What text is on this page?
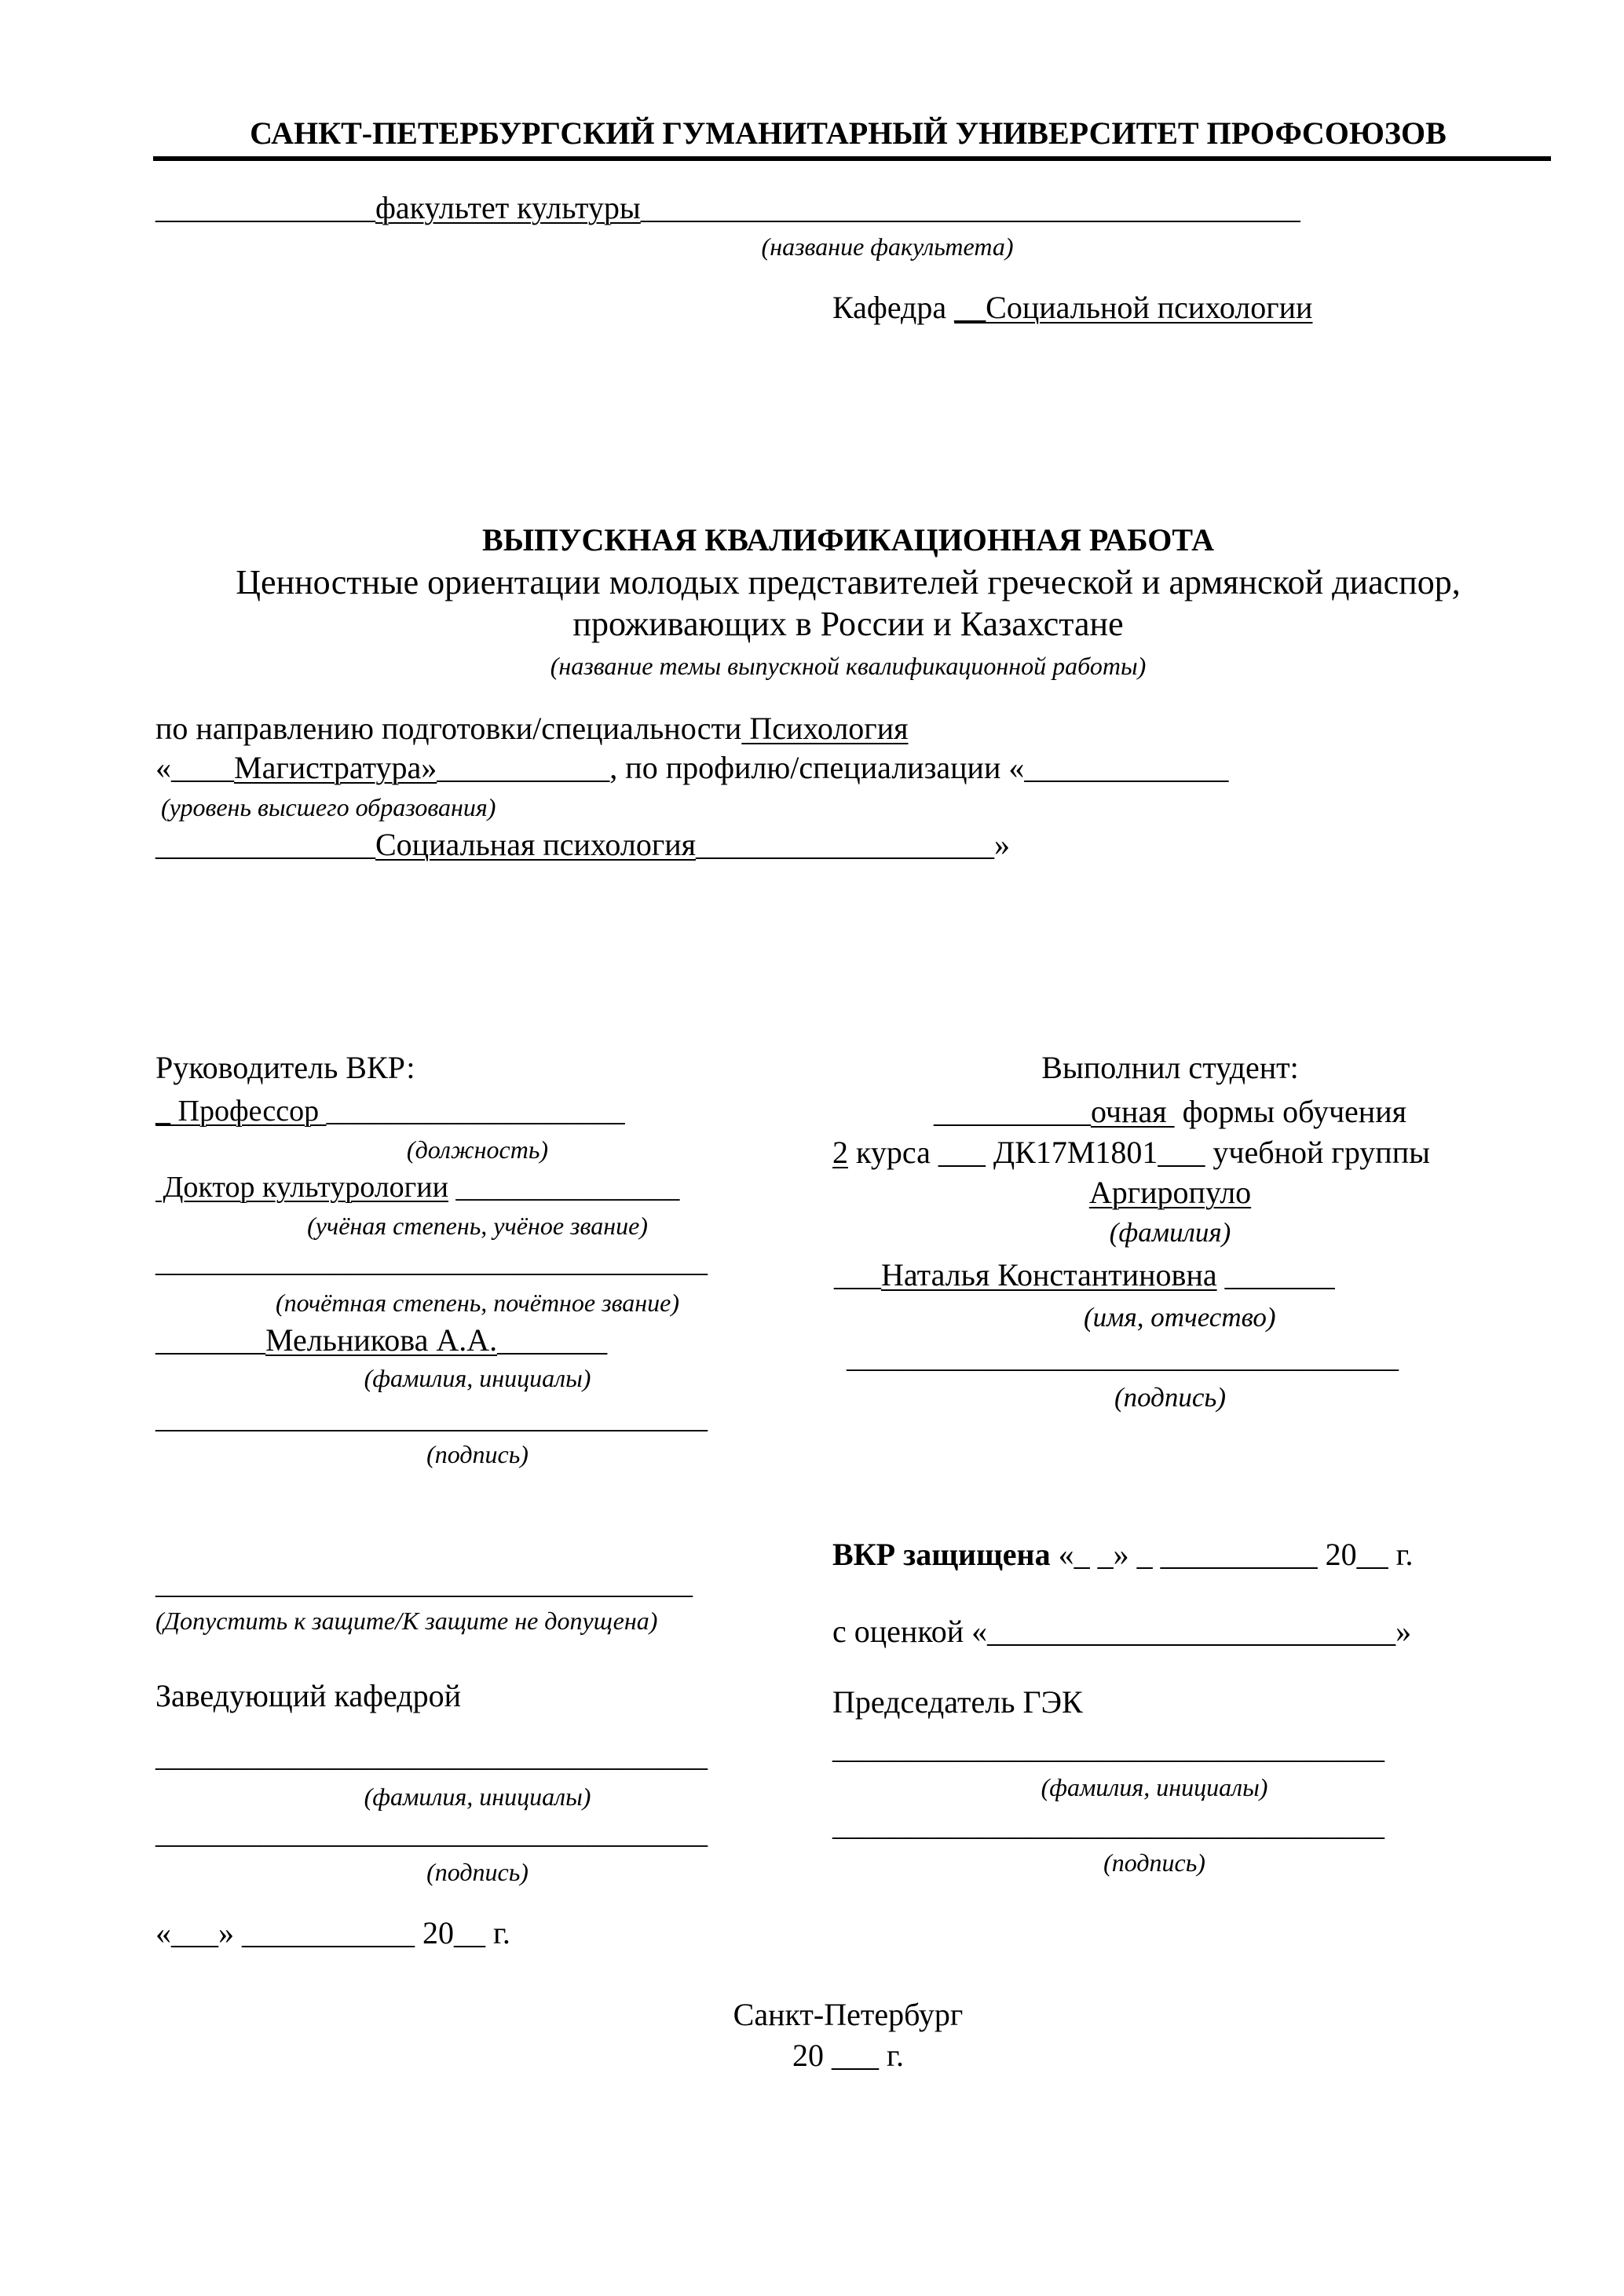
САНКТ-ПЕТЕРБУРГСКИЙ ГУМАНИТАРНЫЙ УНИВЕРСИТЕТ ПРОФСОЮЗОВ
______________факультет культуры__________________________________________
(название факультета)
Кафедра __Социальной психологии
ВЫПУСКНАЯ КВАЛИФИКАЦИОННАЯ РАБОТА
Ценностные ориентации молодых представителей греческой и армянской диаспор,
проживающих в России и Казахстане
(название темы выпускной квалификационной работы)
по направлению подготовки/специальности Психология
«____Магистратура»___________, по профилю/специализации «_____________
(уровень высшего образования)
______________Социальная психология___________________»
Руководитель ВКР:
_ Профессор ____________________
(должность)
Доктор культурологии _______________
(учёная степень, учёное звание)
_____________________________________
(почётная степень, почётное звание)
_______Мельникова А.А._______
(фамилия, инициалы)
_____________________________________
(подпись)
Выполнил студент:
__________очная  формы обучения
2 курса ___ ДК17М1801___ учебной группы
Аргиропуло
(фамилия)
___Наталья Константиновна _______
(имя, отчество)
_____________________________________
(подпись)
____________________________________
(Допустить к защите/К защите не допущена)
Заведующий кафедрой
_____________________________________
(фамилия, инициалы)
_____________________________________
(подпись)
«___» ___________ 20__ г.
ВКР защищена «_ _» _ __________ 20__ г.
с оценкой «__________________________»
Председатель ГЭК
_____________________________________
(фамилия, инициалы)
_____________________________________
(подпись)
Санкт-Петербург
20 ___ г.
